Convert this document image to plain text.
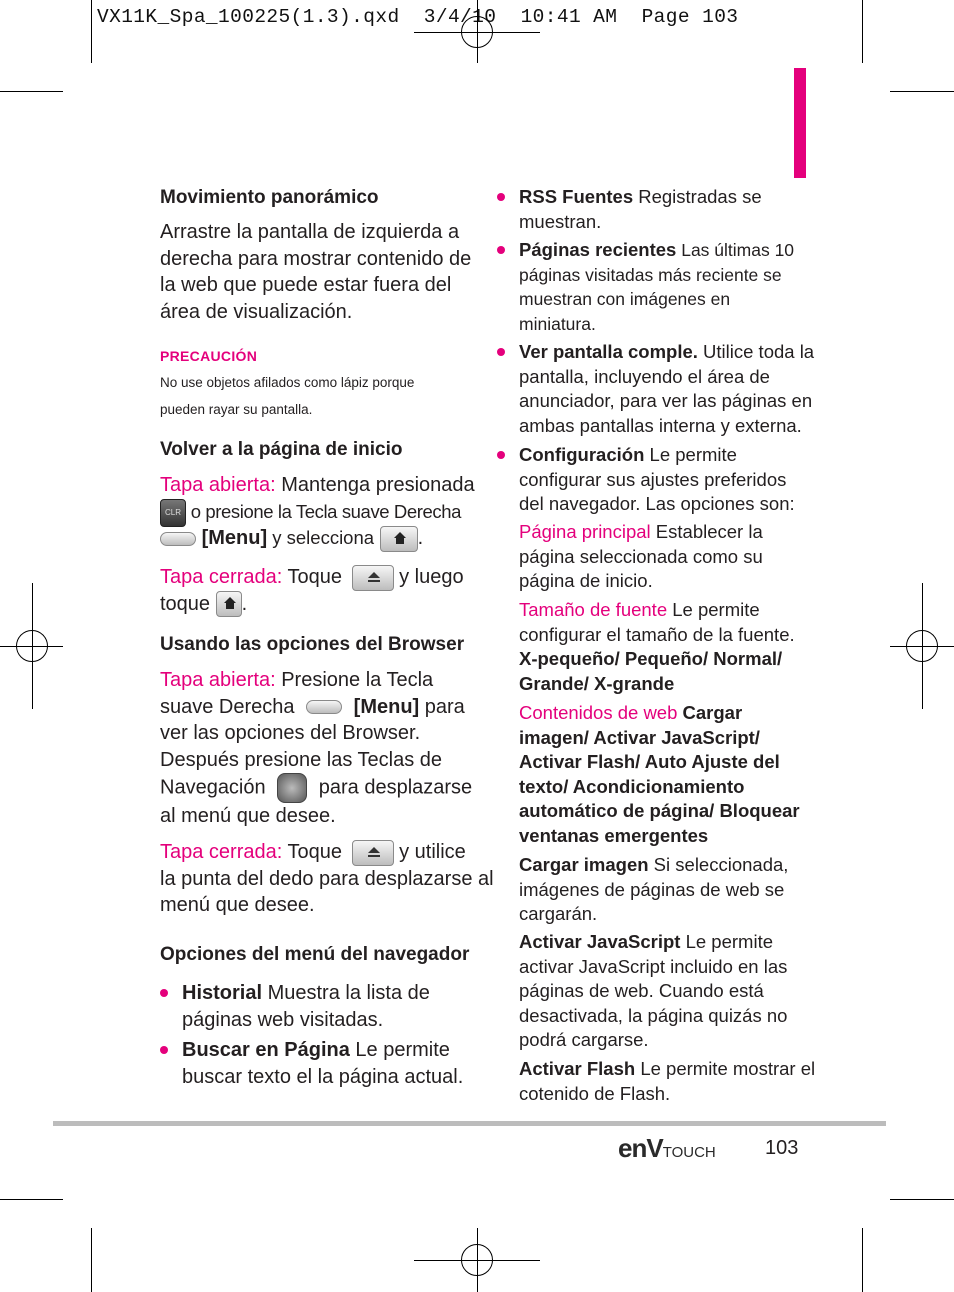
VX11K_Spa_100225(1.3).qxd  3/4/10  10:41 AM  Page 103
Movimiento panorámico
Arrastre la pantalla de izquierda a
derecha para mostrar contenido de
la web que puede estar fuera del
área de visualización.
PRECAUCIÓN
No use objetos afilados como lápiz porque
pueden rayar su pantalla.
Volver a la página de inicio
Tapa abierta: Mantenga presionada
CLR o presione la Tecla suave Derecha
[Menu] y selecciona .
Tapa cerrada: Toque	y luego
toque .
Usando las opciones del Browser
Tapa abierta: Presione la Tecla
suave Derecha	[Menu] para
ver las opciones del Browser.
Después presione las Teclas de
Navegación  para desplazarse
al menú que desee.
Tapa cerrada: Toque	y utilice
la punta del dedo para desplazarse al
menú que desee.
Opciones del menú del navegador
Historial Muestra la lista de
páginas web visitadas.
Buscar en Página Le permite
buscar texto el la página actual.
RSS Fuentes Registradas se
muestran.
Páginas recientes Las últimas 10
páginas visitadas más reciente se
muestran con imágenes en
miniatura.
Ver pantalla comple. Utilice toda la
pantalla, incluyendo el área de
anunciador, para ver las páginas en
ambas pantallas interna y externa.
Configuración Le permite
configurar sus ajustes preferidos
del navegador. Las opciones son:
Página principal Establecer la
página seleccionada como su
página de inicio.
Tamaño de fuente Le permite
configurar el tamaño de la fuente.
X-pequeño/ Pequeño/ Normal/
Grande/ X-grande
Contenidos de web Cargar
imagen/ Activar JavaScript/
Activar Flash/ Auto Ajuste del
texto/ Acondicionamiento
automático de página/ Bloquear
ventanas emergentes
Cargar imagen Si seleccionada,
imágenes de páginas de web se
cargarán.
Activar JavaScript Le permite
activar JavaScript incluido en las
páginas de web. Cuando está
desactivada, la página quizás no
podrá cargarse.
Activar Flash Le permite mostrar el
cotenido de Flash.
enVTOUCH 103
